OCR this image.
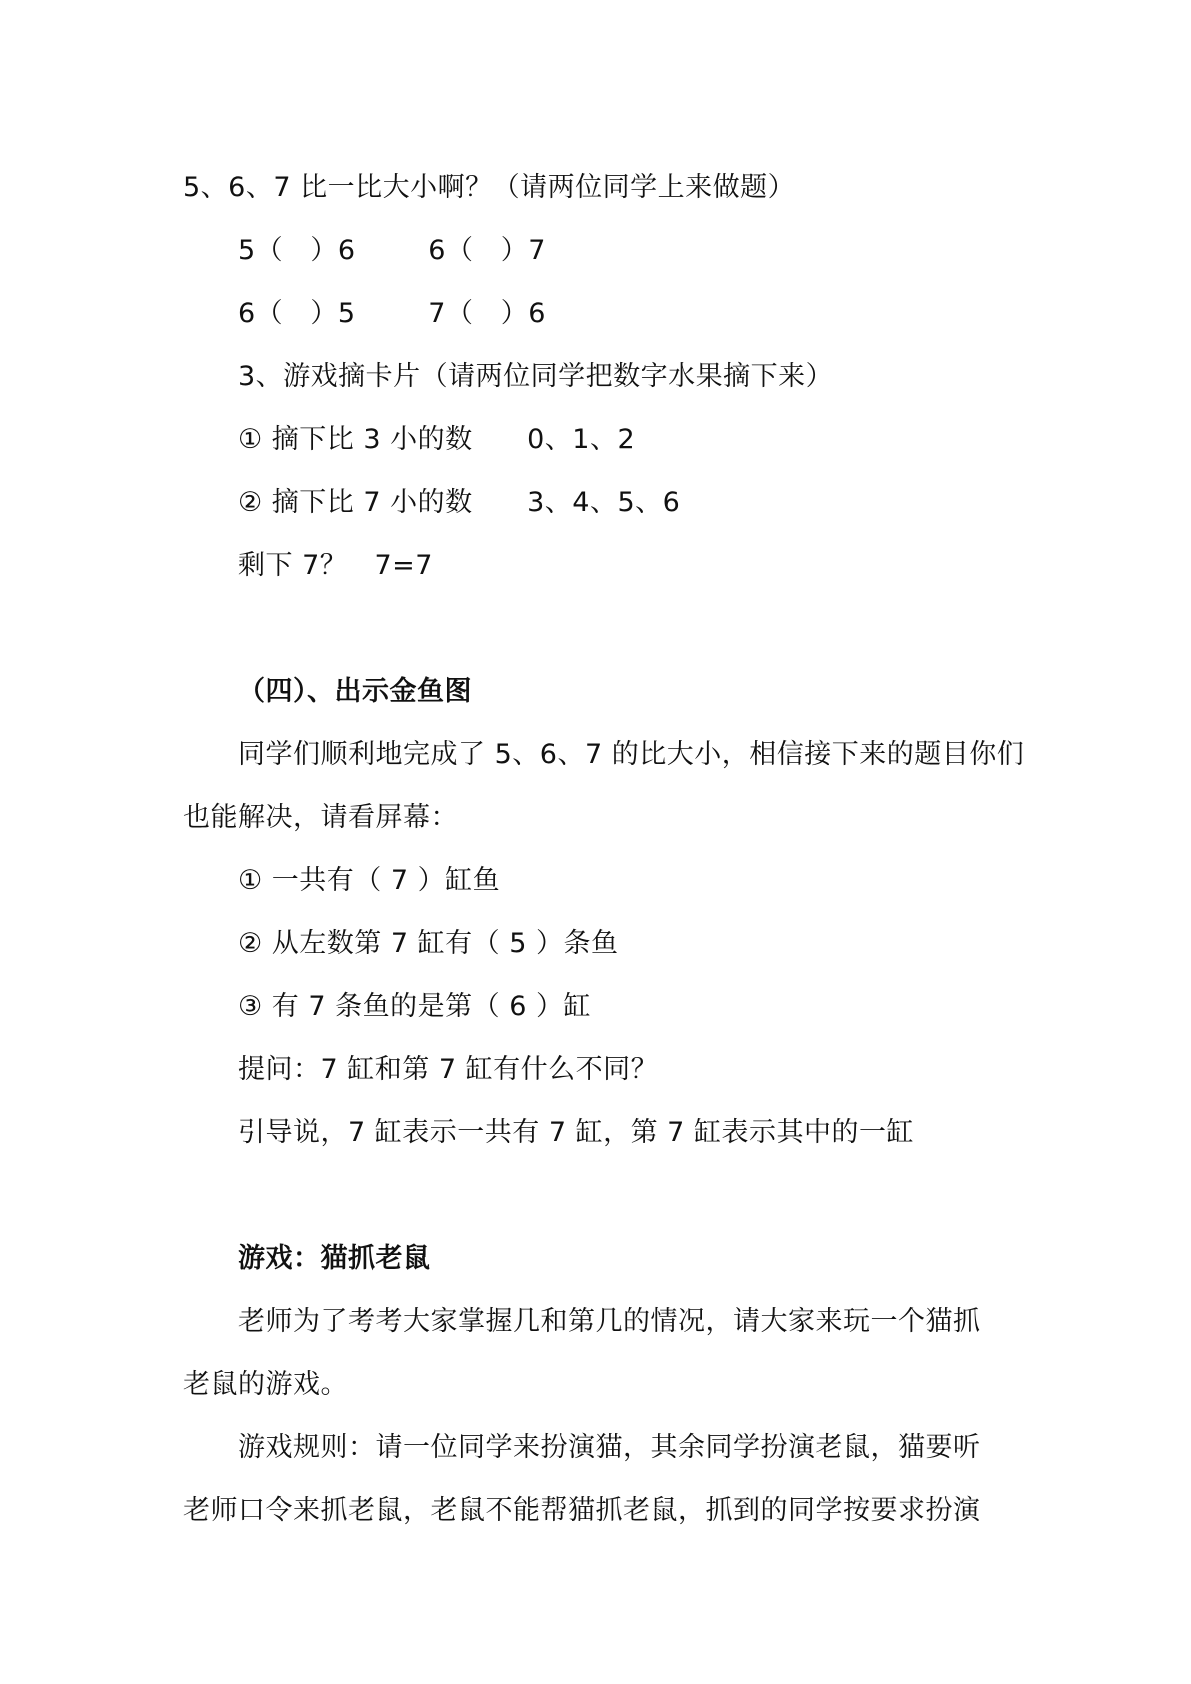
5、6、7 比一比大小啊？（请两位同学上来做题）
5（   ）6        6（   ）7
6（   ）5        7（   ）6
3、游戏摘卡片（请两位同学把数字水果摘下来）
① 摘下比 3 小的数      0、1、2
② 摘下比 7 小的数      3、4、5、6
剩下 7？   7=7
（四）、出示金鱼图
同学们顺利地完成了 5、6、7 的比大小，相信接下来的题目你们
也能解决，请看屏幕：
① 一共有（ 7 ）缸鱼
② 从左数第 7 缸有（ 5 ）条鱼
③ 有 7 条鱼的是第（ 6 ）缸
提问：7 缸和第 7 缸有什么不同？
引导说，7 缸表示一共有 7 缸，第 7 缸表示其中的一缸
游戏：猫抓老鼠
老师为了考考大家掌握几和第几的情况，请大家来玩一个猫抓
老鼠的游戏。
游戏规则：请一位同学来扮演猫，其余同学扮演老鼠，猫要听
老师口令来抓老鼠，老鼠不能帮猫抓老鼠，抓到的同学按要求扮演
